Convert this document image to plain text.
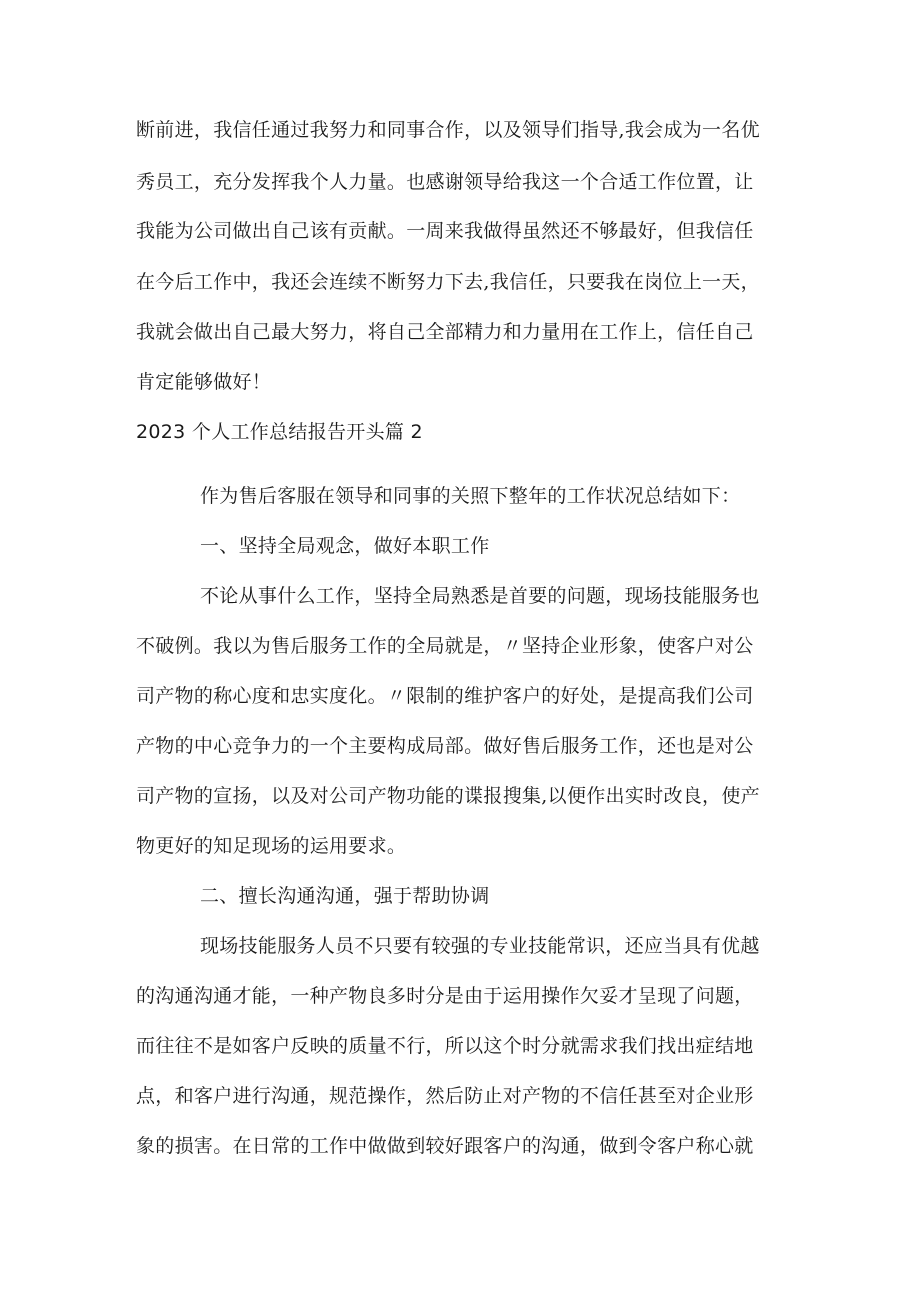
断前进，我信任通过我努力和同事合作，以及领导们指导,我会成为一名优
秀员工，充分发挥我个人力量。也感谢领导给我这一个合适工作位置，让
我能为公司做出自己该有贡献。一周来我做得虽然还不够最好，但我信任
在今后工作中，我还会连续不断努力下去,我信任，只要我在岗位上一天，
我就会做出自己最大努力，将自己全部精力和力量用在工作上，信任自己
肯定能够做好！
2023 个人工作总结报告开头篇 2
作为售后客服在领导和同事的关照下整年的工作状况总结如下：
一、坚持全局观念，做好本职工作
不论从事什么工作，坚持全局熟悉是首要的问题，现场技能服务也
不破例。我以为售后服务工作的全局就是，〃坚持企业形象，使客户对公
司产物的称心度和忠实度化。〃限制的维护客户的好处，是提高我们公司
产物的中心竞争力的一个主要构成局部。做好售后服务工作，还也是对公
司产物的宣扬，以及对公司产物功能的谍报搜集,以便作出实时改良，使产
物更好的知足现场的运用要求。
二、擅长沟通沟通，强于帮助协调
现场技能服务人员不只要有较强的专业技能常识，还应当具有优越
的沟通沟通才能，一种产物良多时分是由于运用操作欠妥才呈现了问题，
而往往不是如客户反映的质量不行，所以这个时分就需求我们找出症结地
点，和客户进行沟通，规范操作，然后防止对产物的不信任甚至对企业形
象的损害。在日常的工作中做做到较好跟客户的沟通，做到令客户称心就
